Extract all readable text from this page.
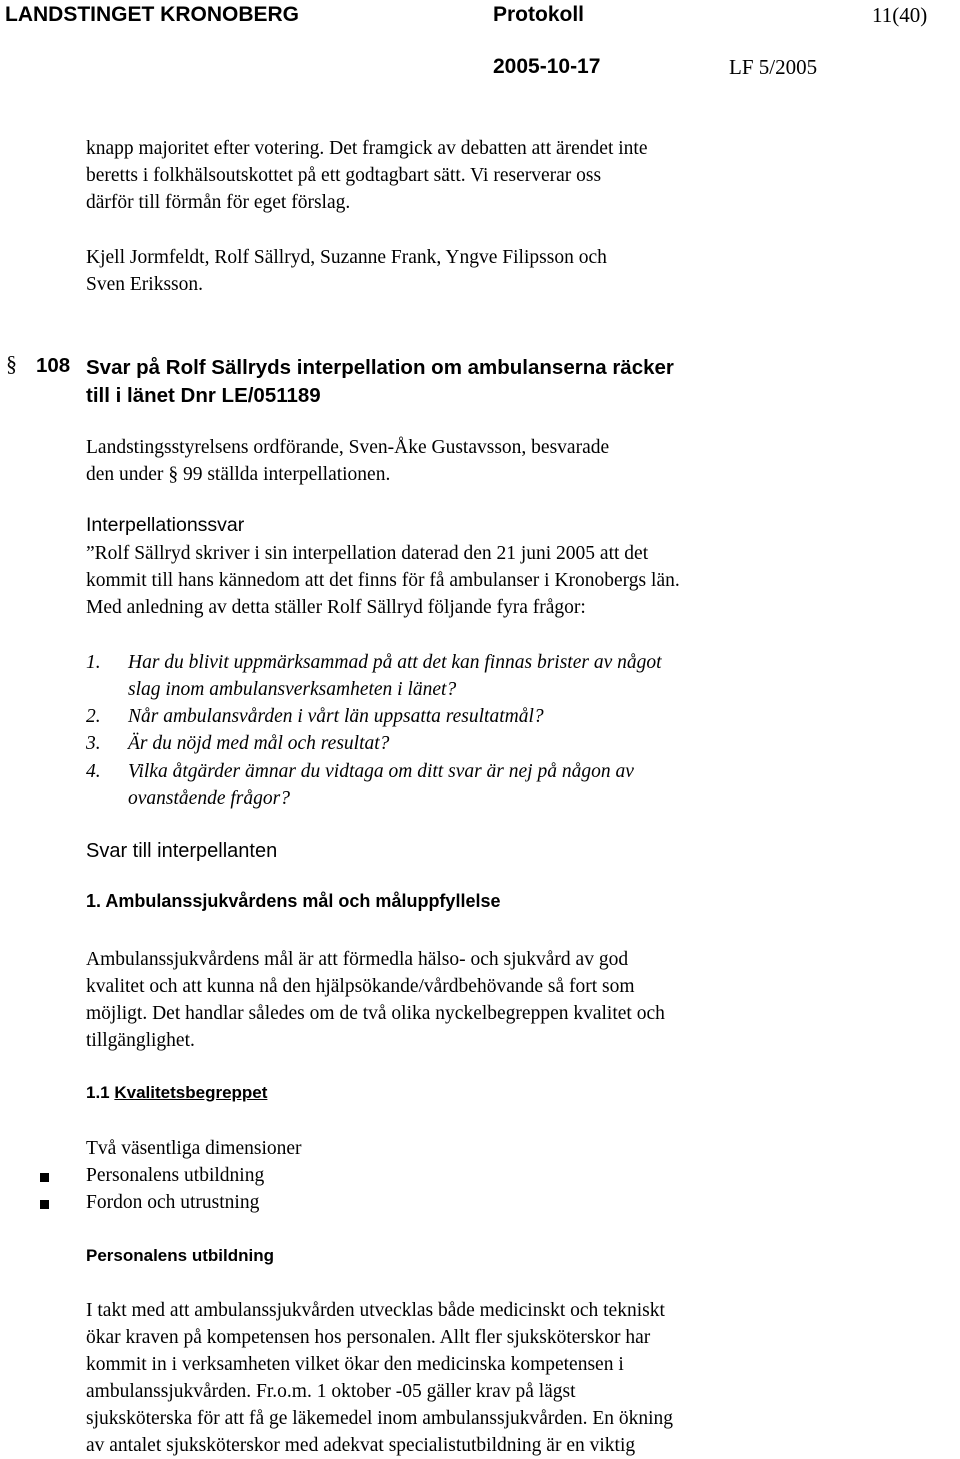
LANDSTINGET KRONOBERG	Protokoll	11(40)
2005-10-17	LF 5/2005
knapp majoritet efter votering. Det framgick av debatten att ärendet inte
beretts i folkhälsoutskottet på ett godtagbart sätt. Vi reserverar oss
därför till förmån för eget förslag.
Kjell Jormfeldt, Rolf Sällryd, Suzanne Frank, Yngve Filipsson och
Sven Eriksson.
§ 108 Svar på Rolf Sällryds interpellation om ambulanserna räcker
till i länet Dnr LE/051189
Landstingsstyrelsens ordförande, Sven-Åke Gustavsson, besvarade
den under § 99 ställda interpellationen.
Interpellationssvar
”Rolf Sällryd skriver i sin interpellation daterad den 21 juni 2005 att det
kommit till hans kännedom att det finns för få ambulanser i Kronobergs län.
Med anledning av detta ställer Rolf Sällryd följande fyra frågor:
1. Har du blivit uppmärksammad på att det kan finnas brister av något
slag inom ambulansverksamheten i länet?
2. Når ambulansvården i vårt län uppsatta resultatmål?
3. Är du nöjd med mål och resultat?
4. Vilka åtgärder ämnar du vidtaga om ditt svar är nej på någon av
ovanstående frågor?
Svar till interpellanten
1. Ambulanssjukvårdens mål och måluppfyllelse
Ambulanssjukvårdens mål är att förmedla hälso- och sjukvård av god
kvalitet och att kunna nå den hjälpsökande/vårdbehövande så fort som
möjligt. Det handlar således om de två olika nyckelbegreppen kvalitet och
tillgänglighet.
1.1 Kvalitetsbegreppet
Två väsentliga dimensioner
Personalens utbildning
Fordon och utrustning
Personalens utbildning
I takt med att ambulanssjukvården utvecklas både medicinskt och tekniskt
ökar kraven på kompetensen hos personalen. Allt fler sjuksköterskor har
kommit in i verksamheten vilket ökar den medicinska kompetensen i
ambulanssjukvården. Fr.o.m. 1 oktober -05 gäller krav på lägst
sjuksköterska för att få ge läkemedel inom ambulanssjukvården. En ökning
av antalet sjuksköterskor med adekvat specialistutbildning är en viktig
